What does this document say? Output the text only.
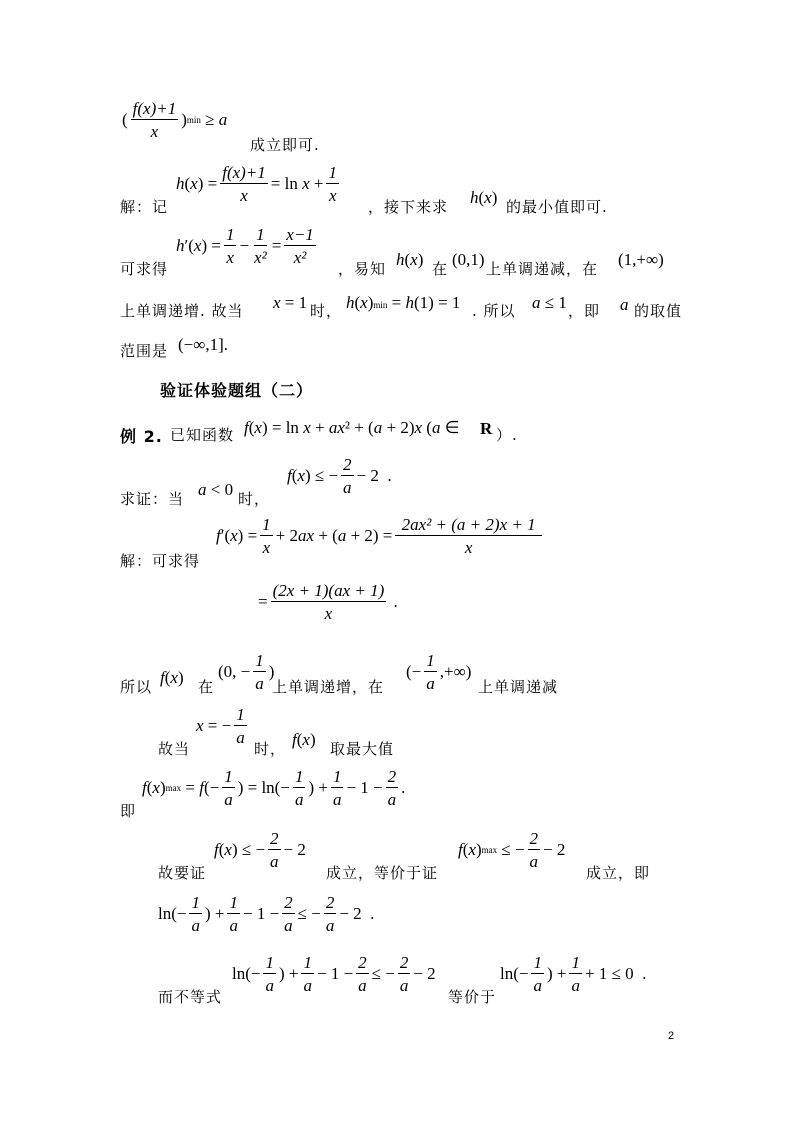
( $\frac{f(x)+1}{x}$ ) min ≥ a
成立即可.
解：记
h ( x ) = $\frac{f(x)+1}{x} = \ln x + \frac{1}{x}$
，接下来求 h(x) 的最小值即可.
可求得
h ′( x ) = $\frac{1}{x} - \frac{1}{\text{x²}} = \frac{x-1}{\text{x²}}$
，易知 h(x) 在 (0,1) 上单调递减，在 (1,+∞)
上单调递增. 故当 x = 1 时， h(x)min = h(1) = 1 . 所以 a ≤ 1 ，即 a 的取值
范围是 (−∞,1].
验证体验题组（二）
例 2. 已知函数 f(x) = ln x + ax² + (a + 2)x (a ∈ R ）.
求证：当 a < 0 时，
f ( x ) ≤ − $\frac{2}{a} - 2$  .
解：可求得
f ′( x ) = $\frac{1}{x} + 2$ ax + ( $a + 2) = \frac{\text{2ax² + (a + 2)x + 1}}{x}$
= $\frac{(2x + 1)(ax + 1)}{x}$ .
所以 f(x) 在
(0, − $\frac{1}{a}$ )
上单调递增，在
(− $\frac{1}{a}$ ,+∞)
上单调递减
故当
x = − $\frac{1}{a}$
时， f(x) 取最大值
即
f ( x ) max = f (− $\frac{1}{a}$ ) = $\ln(- \frac{1}{a}$ ) + $\frac{1}{a} - 1 - \frac{2}{a}$ .
故要证
f ( x ) ≤ − $\frac{2}{a} - 2$
成立，等价于证
f ( x ) max ≤ − $\frac{2}{a} - 2$
成立，即
$\ln(- \frac{1}{a}$ ) + $\frac{1}{a} - 1 - \frac{2}{a}$ ≤ − $\frac{2}{a} - 2$  .
而不等式
$\ln(- \frac{1}{a}$ ) + $\frac{1}{a} - 1 - \frac{2}{a}$ ≤ − $\frac{2}{a} - 2$
等价于
$\ln(- \frac{1}{a}$ ) + $\frac{1}{a} + 1 \le 0$  .
2
